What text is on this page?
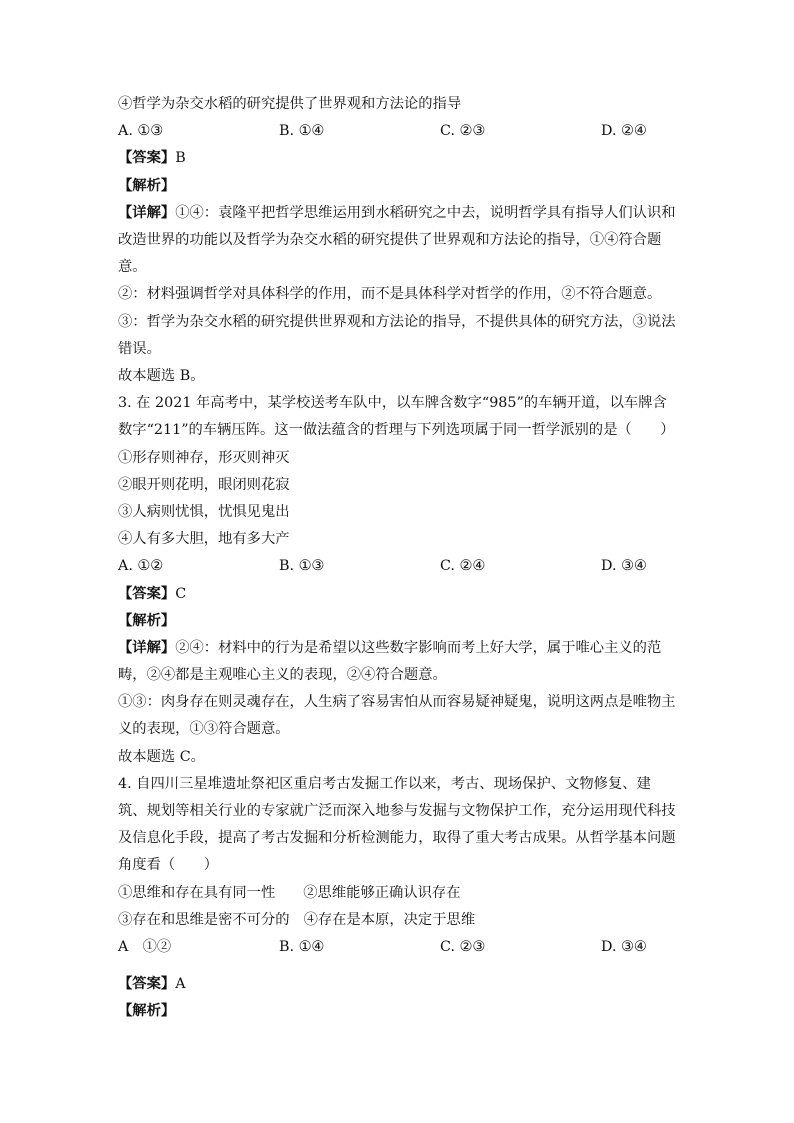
④哲学为杂交水稻的研究提供了世界观和方法论的指导
A. ①③	B. ①④	C. ②③	D. ②④
【答案】B
【解析】
【详解】①④：袁隆平把哲学思维运用到水稻研究之中去，说明哲学具有指导人们认识和改造世界的功能以及哲学为杂交水稻的研究提供了世界观和方法论的指导，①④符合题意。
②：材料强调哲学对具体科学的作用，而不是具体科学对哲学的作用，②不符合题意。
③：哲学为杂交水稻的研究提供世界观和方法论的指导，不提供具体的研究方法，③说法错误。
故本题选 B。
3. 在 2021 年高考中，某学校送考车队中，以车牌含数字“985”的车辆开道，以车牌含数字“211”的车辆压阵。这一做法蕴含的哲理与下列选项属于同一哲学派别的是（　　）
①形存则神存，形灭则神灭
②眼开则花明，眼闭则花寂
③人病则忧惧，忧惧见鬼出
④人有多大胆，地有多大产
A. ①②	B. ①③	C. ②④	D. ③④
【答案】C
【解析】
【详解】②④：材料中的行为是希望以这些数字影响而考上好大学，属于唯心主义的范畴，②④都是主观唯心主义的表现，②④符合题意。
①③：肉身存在则灵魂存在，人生病了容易害怕从而容易疑神疑鬼，说明这两点是唯物主义的表现，①③符合题意。
故本题选 C。
4. 自四川三星堆遗址祭祀区重启考古发掘工作以来，考古、现场保护、文物修复、建筑、规划等相关行业的专家就广泛而深入地参与发掘与文物保护工作，充分运用现代科技及信息化手段，提高了考古发掘和分析检测能力，取得了重大考古成果。从哲学基本问题角度看（　　）
①思维和存在具有同一性 ②思维能够正确认识存在
③存在和思维是密不可分的 ④存在是本原，决定于思维
A　①②	B. ①④	C. ②③	D. ③④
【答案】A
【解析】
